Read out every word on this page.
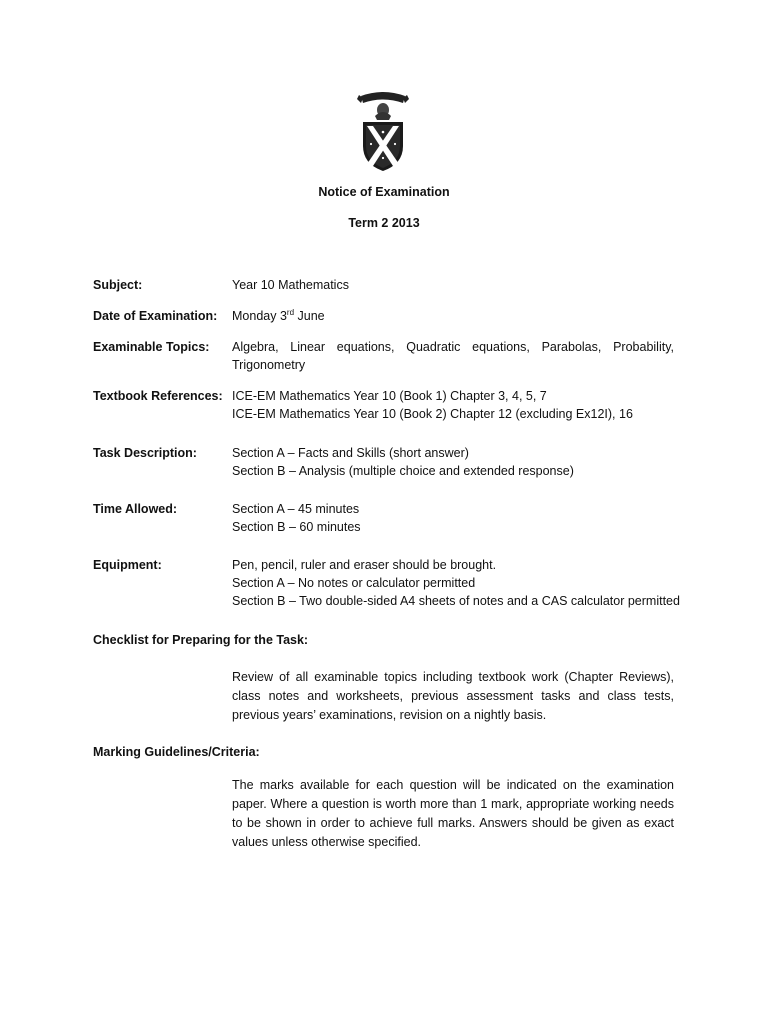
Notice of Examination
Term 2 2013
Subject:	Year 10 Mathematics
Date of Examination:	Monday 3rd June
Examinable Topics:	Algebra, Linear equations, Quadratic equations, Parabolas, Probability,
Trigonometry
Textbook References: ICE-EM Mathematics Year 10 (Book 1) Chapter 3, 4, 5, 7
ICE-EM Mathematics Year 10 (Book 2) Chapter 12 (excluding Ex12I), 16
Task Description:	Section A – Facts and Skills (short answer)
Section B – Analysis (multiple choice and extended response)
Time Allowed:	Section A – 45 minutes
Section B – 60 minutes
Equipment:	Pen, pencil, ruler and eraser should be brought.
Section A – No notes or calculator permitted
Section B – Two double-sided A4 sheets of notes and a CAS calculator permitted
Checklist for Preparing for the Task:
Review of all examinable topics including textbook work (Chapter Reviews), class notes and worksheets, previous assessment tasks and class tests, previous years’ examinations, revision on a nightly basis.
Marking Guidelines/Criteria:
The marks available for each question will be indicated on the examination paper. Where a question is worth more than 1 mark, appropriate working needs to be shown in order to achieve full marks. Answers should be given as exact values unless otherwise specified.
